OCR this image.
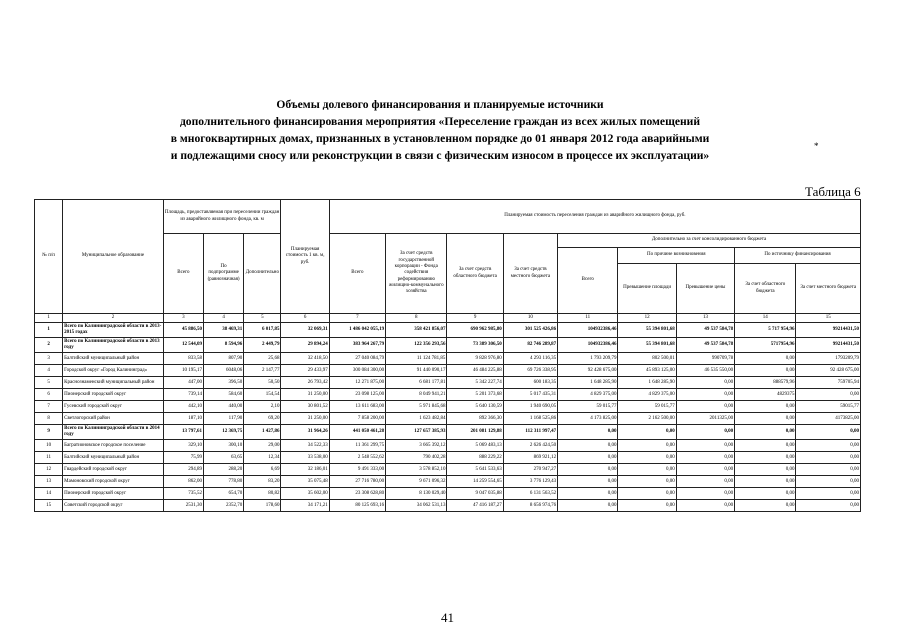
Объемы долевого финансирования и планируемые источники
дополнительного финансирования мероприятия «Переселение граждан из всех жилых помещений
в многоквартирных домах, признанных в установленном порядке до 01 января 2012 года аварийными
и подлежащими сносу или реконструкции в связи с физическим износом в процессе их эксплуатации»
*
Таблица 6
№ п/п	Муниципальное образование	Площадь, предоставляемая при переселении граждан из аварийного жилищного фонда, кв. м			Планируемая стоимость 1 кв. м, руб.	Планируемая стоимость переселения граждан из аварийного жилищного фонда, руб.								
		Всего	По подпрограмме (равнозначная)	Дополнительно		Всего	За счет средств государственной корпорации - Фонда содействия реформированию жилищно-коммунального хозяйства	За счет средств областного бюджета	За счет средств местного бюджета	Дополнительно за счет консолидированного бюджета				
										Всего	По причине возникновения		По источнику финансирования	
											Превышение площади	Превышение цены	За счет областного бюджета	За счет местного бюджета
1	2	3	4	5	6	7	8	9	10	11	12	13	14	15
1	Всего по Калининградской области в 2013-2015 годах	45 886,50	38 469,31	6 017,85	32 069,31	1 486 042 055,19	358 421 856,07	690 962 985,80	301 525 426,86	104932386,46	55 394 801,68	49 537 584,78	5 717 954,96	99214431,50
2	Всего по Калининградской области в 2013 году	12 544,09	8 594,96	2 449,79	29 894,24	383 964 267,79	122 356 293,56	73 389 306,50	82 746 289,87	104932386,46	55 394 801,68	49 537 584,78	5717954,96	99214431,50
3	Балтийский муниципальный район	833,58	807,90	25,68	32 418,50	27 040 084,79	11 124 781,85	9 828 976,80	4 293 116,35	1 793 209,79	802 500,01	990709,78	0,00	1793209,79
4	Городской округ «Город Калининград»	10 195,17	6048,06	2 147,77	29 433,97	300 084 300,00	91 440 090,17	46 484 225,88	69 726 338,95	92 428 675,00	45 893 125,00	46 535 550,00	0,00	92 428 675,00
5	Краснознаменский муниципальный район	447,00	396,50	50,50	26 793,42	12 271 875,00	6 681 177,81	5 342 227,74	600 183,35	1 648 285,90	1 648 285,90	0,00	888579,96	759705,94
6	Пионерский городской округ	739,14	584,60	154,54	31 250,00	23 098 125,00	8 049 941,21	5 201 373,68	5 017 435,31	4 829 375,00	4 829 375,00	0,00	4829375	0,00
7	Гусевский городской округ	442,10	440,00	2,10	30 801,52	13 611 683,00	5 971 845,68	5 640 130,59	1 940 690,05	59 015,77	59 015,77	0,00	0,00	59015,77
8	Светлогорский район	187,10	117,90	69,20	31 250,00	7 858 200,00	1 623 482,84	892 366,30	1 168 525,86	4 173 825,00	2 162 500,00	2011325,00	0,00	4173825,00
9	Всего по Калининградской области в 2014 году	13 797,61	12 369,75	1 427,86	31 964,26	441 050 461,28	127 657 385,93	201 081 129,88	112 311 997,47	0,00	0,00	0,00	0,00	0,00
10	Багратионовское городское поселение	329,10	300,10	29,00	34 522,33	11 361 299,75	3 665 392,12	5 069 483,13	2 626 424,50	0,00	0,00	0,00	0,00	0,00
11	Балтийский муниципальный район	75,99	63,65	12,34	33 538,00	2 548 552,62	790 402,28	888 229,22	869 921,12	0,00	0,00	0,00	0,00	0,00
12	Гвардейский городской округ	294,89	288,20	6,69	32 186,01	9 491 333,00	3 578 852,10	5 641 533,63	270 947,27	0,00	0,00	0,00	0,00	0,00
13	Мамоновский городской округ	862,00	778,80	83,20	35 075,48	27 716 780,00	9 671 096,32	14 259 554,65	3 776 129,43	0,00	0,00	0,00	0,00	0,00
14	Пионерский городской округ	735,52	654,70	80,82	35 602,00	23 308 628,80	8 130 029,40	9 047 035,88	6 131 563,52	0,00	0,00	0,00	0,00	0,00
15	Советский городской округ	2531,30	2352,70	178,60	34 171,21	80 125 693,16	34 062 531,13	47 416 187,27	8 656 974,76	0,00	0,00	0,00	0,00	0,00
41
